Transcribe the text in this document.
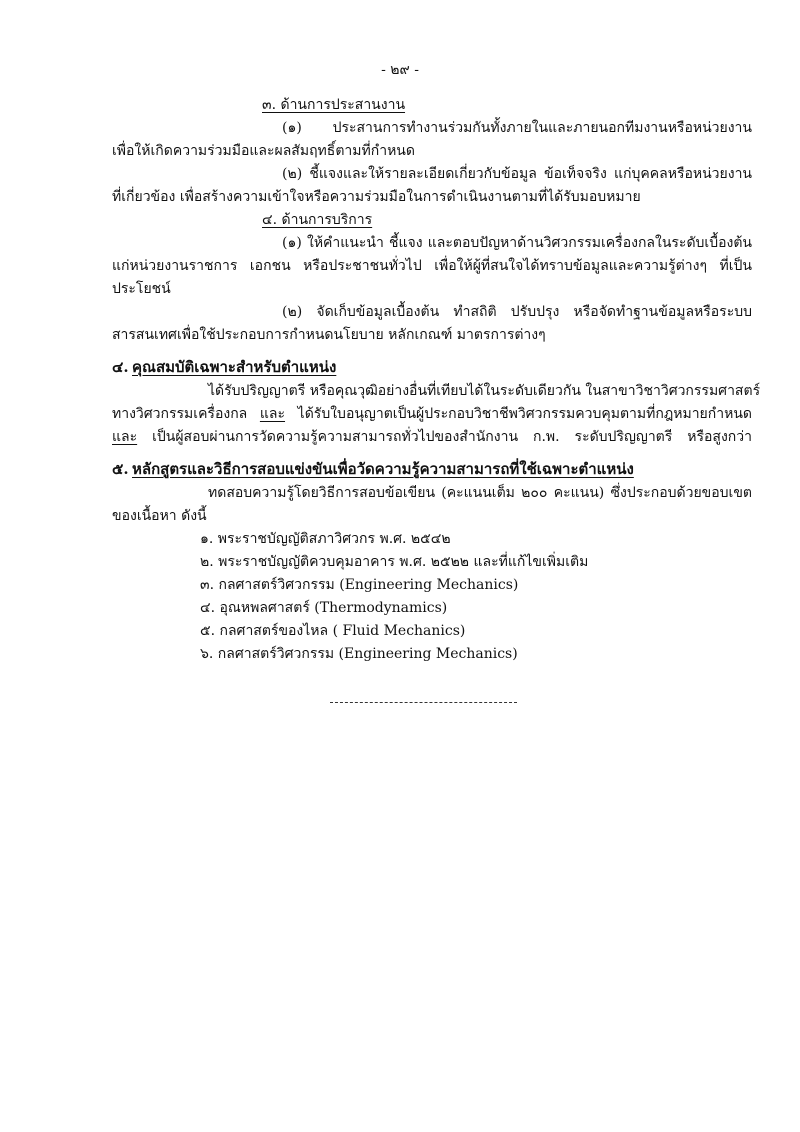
- ๒๙ -
๓. ด้านการประสานงาน
(๑) ประสานการทำงานร่วมกันทั้งภายในและภายนอกทีมงานหรือหน่วยงาน
เพื่อให้เกิดความร่วมมือและผลสัมฤทธิ์ตามที่กำหนด
(๒) ชี้แจงและให้รายละเอียดเกี่ยวกับข้อมูล ข้อเท็จจริง แก่บุคคลหรือหน่วยงาน
ที่เกี่ยวข้อง เพื่อสร้างความเข้าใจหรือความร่วมมือในการดำเนินงานตามที่ได้รับมอบหมาย
๔. ด้านการบริการ
(๑) ให้คำแนะนำ ชี้แจง และตอบปัญหาด้านวิศวกรรมเครื่องกลในระดับเบื้องต้น
แก่หน่วยงานราชการ เอกชน หรือประชาชนทั่วไป เพื่อให้ผู้ที่สนใจได้ทราบข้อมูลและความรู้ต่างๆ ที่เป็น
ประโยชน์
(๒) จัดเก็บข้อมูลเบื้องต้น ทำสถิติ ปรับปรุง หรือจัดทำฐานข้อมูลหรือระบบ
สารสนเทศเพื่อใช้ประกอบการกำหนดนโยบาย หลักเกณฑ์ มาตรการต่างๆ
๔. คุณสมบัติเฉพาะสำหรับตำแหน่ง
ได้รับปริญญาตรี หรือคุณวุฒิอย่างอื่นที่เทียบได้ในระดับเดียวกัน ในสาขาวิชาวิศวกรรมศาสตร์
ทางวิศวกรรมเครื่องกล และ ได้รับใบอนุญาตเป็นผู้ประกอบวิชาชีพวิศวกรรมควบคุมตามที่กฎหมายกำหนด
และ เป็นผู้สอบผ่านการวัดความรู้ความสามารถทั่วไปของสำนักงาน ก.พ. ระดับปริญญาตรี หรือสูงกว่า
๕. หลักสูตรและวิธีการสอบแข่งขันเพื่อวัดความรู้ความสามารถที่ใช้เฉพาะตำแหน่ง
ทดสอบความรู้โดยวิธีการสอบข้อเขียน (คะแนนเต็ม ๒๐๐ คะแนน) ซึ่งประกอบด้วยขอบเขต
ของเนื้อหา ดังนี้
๑. พระราชบัญญัติสภาวิศวกร พ.ศ. ๒๕๔๒
๒. พระราชบัญญัติควบคุมอาคาร พ.ศ. ๒๕๒๒ และที่แก้ไขเพิ่มเติม
๓. กลศาสตร์วิศวกรรม (Engineering Mechanics)
๔. อุณหพลศาสตร์ (Thermodynamics)
๕. กลศาสตร์ของไหล ( Fluid Mechanics)
๖. กลศาสตร์วิศวกรรม (Engineering Mechanics)
